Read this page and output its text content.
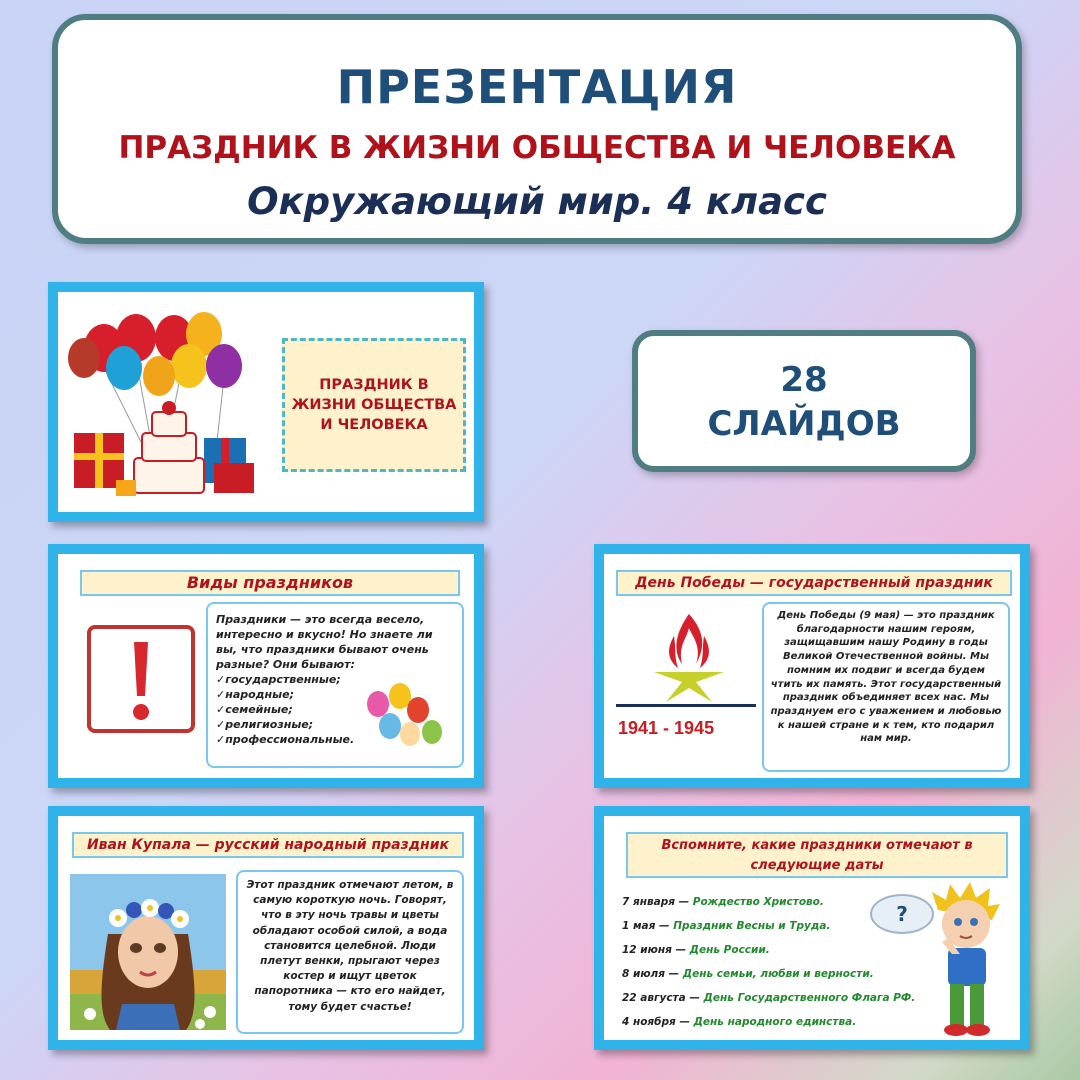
ПРЕЗЕНТАЦИЯ
ПРАЗДНИК В ЖИЗНИ ОБЩЕСТВА И ЧЕЛОВЕКА
Окружающий мир. 4 класс
28
СЛАЙДОВ
ПРАЗДНИК В
ЖИЗНИ ОБЩЕСТВА
И ЧЕЛОВЕКА
Виды праздников
Праздники — это всегда весело, интересно и вкусно! Но знаете ли вы, что праздники бывают очень разные? Они бывают:
✓государственные;
✓народные;
✓семейные;
✓религиозные;
✓профессиональные.
День Победы — государственный праздник
1941 - 1945
День Победы (9 мая) — это праздник благодарности нашим героям, защищавшим нашу Родину в годы Великой Отечественной войны. Мы помним их подвиг и всегда будем чтить их память. Этот государственный праздник объединяет всех нас. Мы празднуем его с уважением и любовью к нашей стране и к тем, кто подарил нам мир.
Иван Купала — русский народный праздник
Этот праздник отмечают летом, в самую короткую ночь. Говорят, что в эту ночь травы и цветы обладают особой силой, а вода становится целебной. Люди плетут венки, прыгают через костер и ищут цветок папоротника — кто его найдет, тому будет счастье!
Вспомните, какие праздники отмечают в следующие даты
7 января — Рождество Христово.
1 мая — Праздник Весны и Труда.
12 июня — День России.
8 июля — День семьи, любви и верности.
22 августа — День Государственного Флага РФ.
4 ноября — День народного единства.
?
